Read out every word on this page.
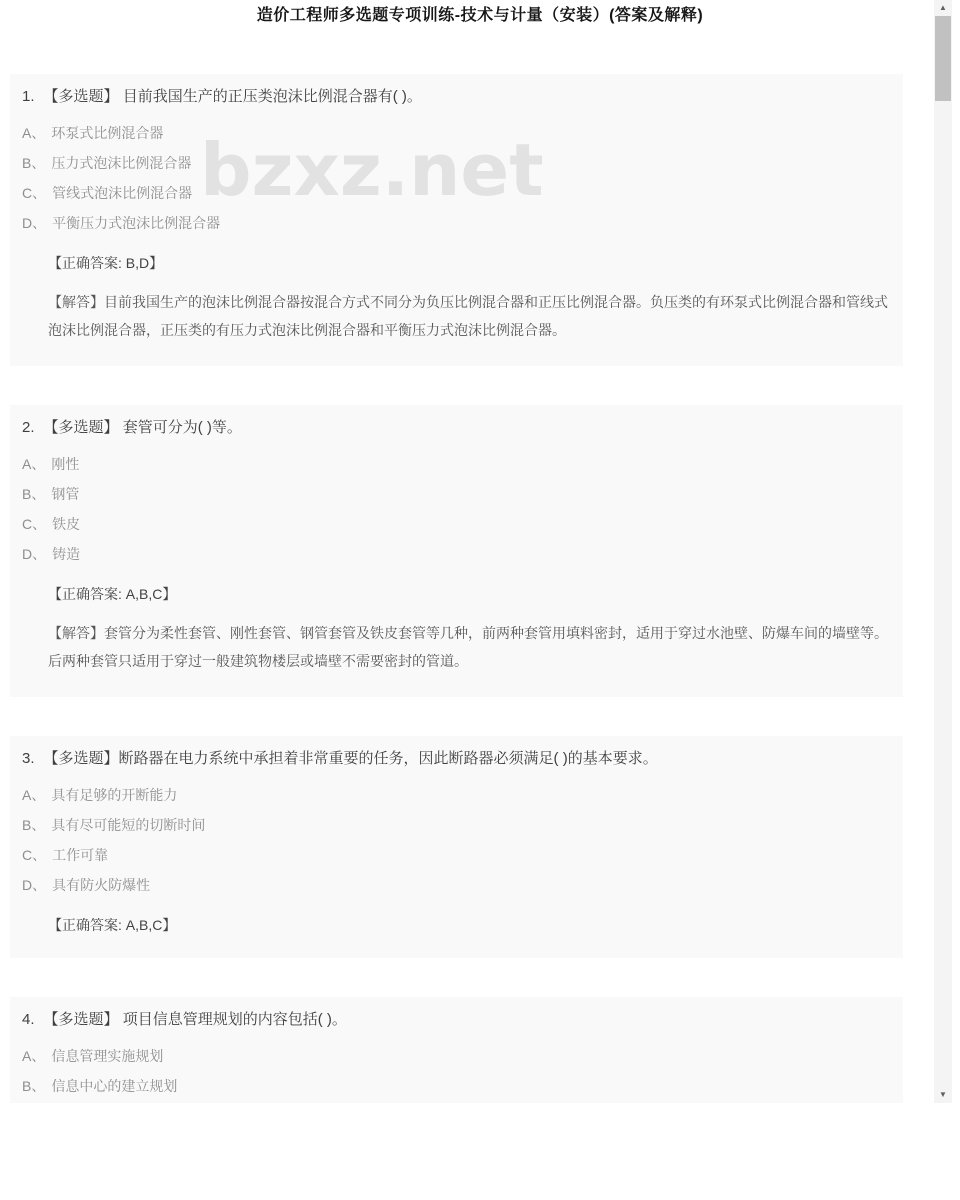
造价工程师多选题专项训练-技术与计量（安装）(答案及解释)
bzxz.net
1. 【多选题】 目前我国生产的正压类泡沫比例混合器有( )。
A、 环泵式比例混合器
B、 压力式泡沫比例混合器
C、 管线式泡沫比例混合器
D、 平衡压力式泡沫比例混合器
【正确答案: B,D】
【解答】目前我国生产的泡沫比例混合器按混合方式不同分为负压比例混合器和正压比例混合器。负压类的有环泵式比例混合器和管线式泡沫比例混合器，正压类的有压力式泡沫比例混合器和平衡压力式泡沫比例混合器。
2. 【多选题】 套管可分为( )等。
A、 刚性
B、 钢管
C、 铁皮
D、 铸造
【正确答案: A,B,C】
【解答】套管分为柔性套管、刚性套管、钢管套管及铁皮套管等几种，前两种套管用填料密封，适用于穿过水池壁、防爆车间的墙壁等。后两种套管只适用于穿过一般建筑物楼层或墙壁不需要密封的管道。
3. 【多选题】断路器在电力系统中承担着非常重要的任务，因此断路器必须满足( )的基本要求。
A、 具有足够的开断能力
B、 具有尽可能短的切断时间
C、 工作可靠
D、 具有防火防爆性
【正确答案: A,B,C】
4. 【多选题】 项目信息管理规划的内容包括( )。
A、 信息管理实施规划
B、 信息中心的建立规划
▲
▼
